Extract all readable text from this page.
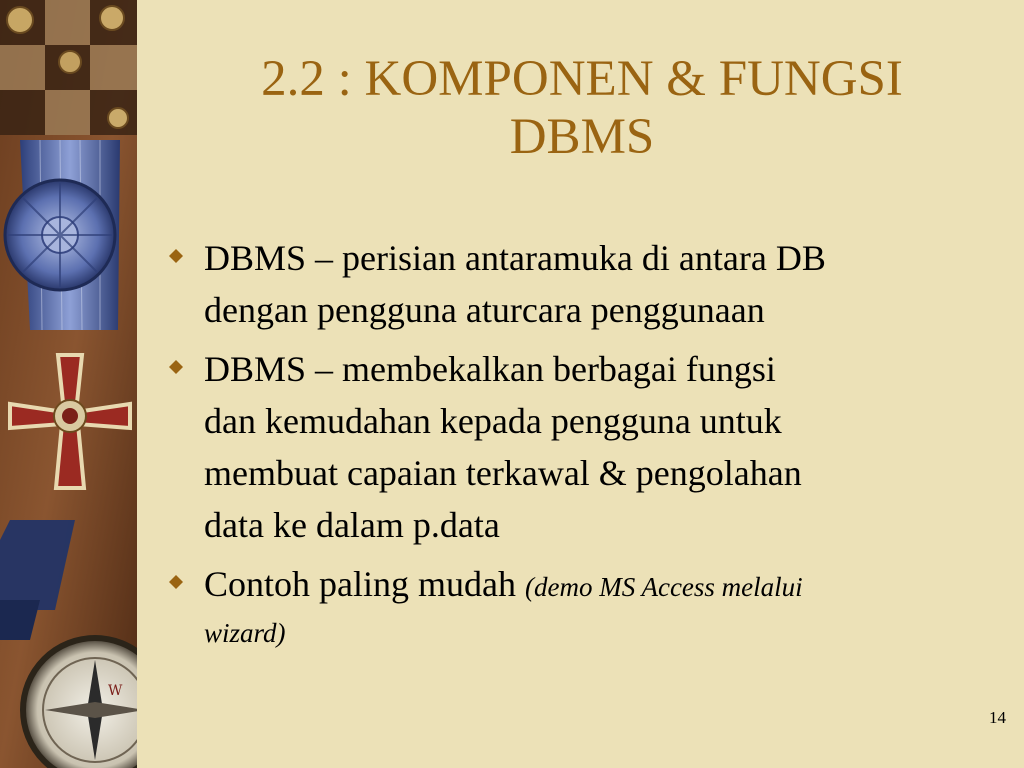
W
2.2 : KOMPONEN & FUNGSI
DBMS
DBMS – perisian antaramuka di antara DB
dengan pengguna aturcara penggunaan
DBMS – membekalkan berbagai fungsi
dan kemudahan kepada pengguna untuk
membuat capaian terkawal & pengolahan
data ke dalam p.data
Contoh paling mudah (demo MS Access melalui
wizard)
14
